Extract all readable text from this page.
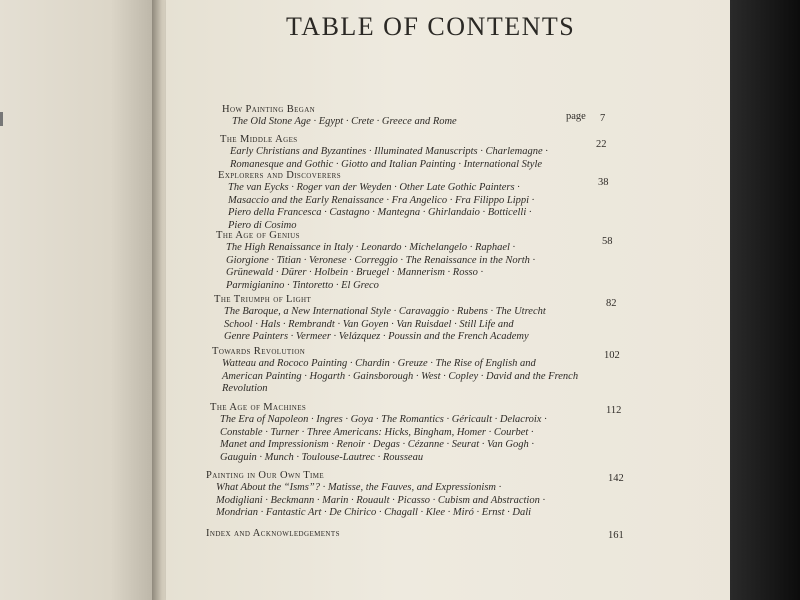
TABLE OF CONTENTS
How Painting Began
The Old Stone Age · Egypt · Crete · Greece and Rome	page 7
The Middle Ages
Early Christians and Byzantines · Illuminated Manuscripts · Charlemagne ·
Romanesque and Gothic · Giotto and Italian Painting · International Style
22
Explorers and Discoverers
The van Eycks · Roger van der Weyden · Other Late Gothic Painters ·
Masaccio and the Early Renaissance · Fra Angelico · Fra Filippo Lippi ·
Piero della Francesca · Castagno · Mantegna · Ghirlandaio · Botticelli ·
Piero di Cosimo
38
The Age of Genius
The High Renaissance in Italy · Leonardo · Michelangelo · Raphael ·
Giorgione · Titian · Veronese · Correggio · The Renaissance in the North ·
Grünewald · Dürer · Holbein · Bruegel · Mannerism · Rosso ·
Parmigianino · Tintoretto · El Greco
58
The Triumph of Light
The Baroque, a New International Style · Caravaggio · Rubens · The Utrecht
School · Hals · Rembrandt · Van Goyen · Van Ruisdael · Still Life and
Genre Painters · Vermeer · Velázquez · Poussin and the French Academy
82
Towards Revolution
Watteau and Rococo Painting · Chardin · Greuze · The Rise of English and
American Painting · Hogarth · Gainsborough · West · Copley · David and the French
Revolution
102
The Age of Machines
The Era of Napoleon · Ingres · Goya · The Romantics · Géricault · Delacroix ·
Constable · Turner · Three Americans: Hicks, Bingham, Homer · Courbet ·
Manet and Impressionism · Renoir · Degas · Cézanne · Seurat · Van Gogh ·
Gauguin · Munch · Toulouse-Lautrec · Rousseau
112
Painting in Our Own Time
What About the “Isms”? · Matisse, the Fauves, and Expressionism ·
Modigliani · Beckmann · Marin · Rouault · Picasso · Cubism and Abstraction ·
Mondrian · Fantastic Art · De Chirico · Chagall · Klee · Miró · Ernst · Dali
142
Index and Acknowledgements	161
